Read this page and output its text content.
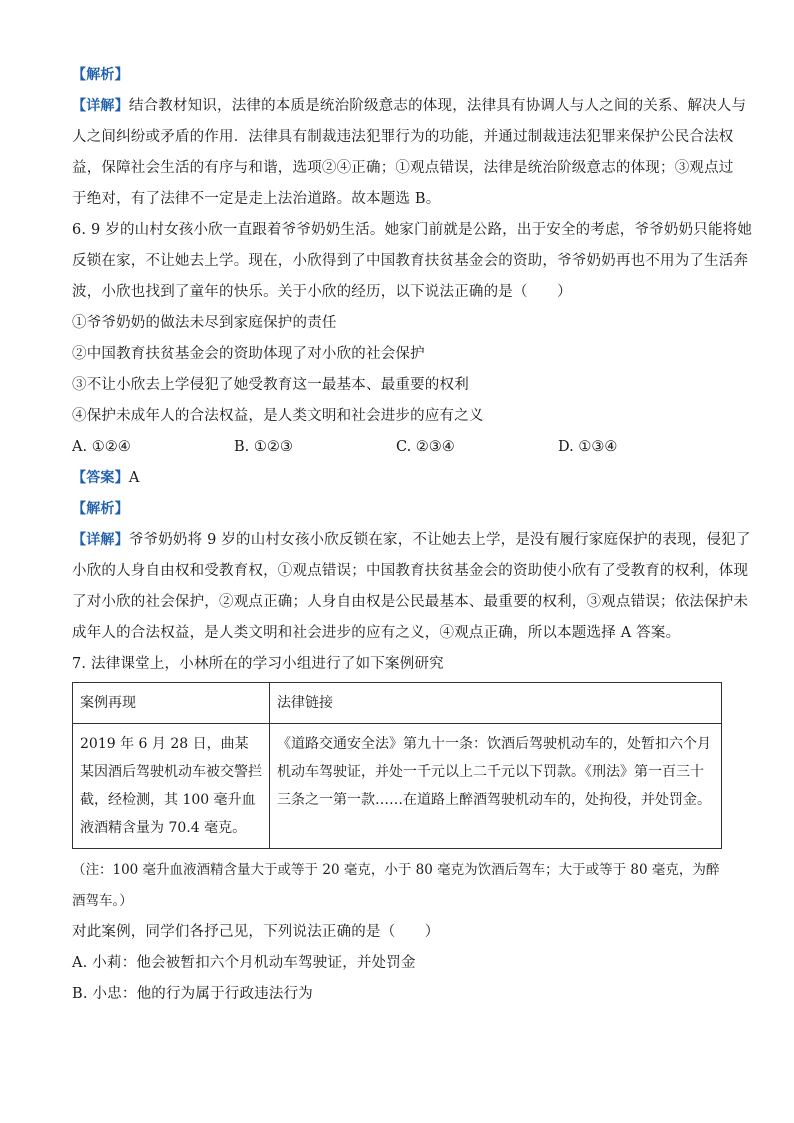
【解析】
【详解】结合教材知识，法律的本质是统治阶级意志的体现，法律具有协调人与人之间的关系、解决人与
人之间纠纷或矛盾的作用．法律具有制裁违法犯罪行为的功能，并通过制裁违法犯罪来保护公民合法权
益，保障社会生活的有序与和谐，选项②④正确；①观点错误，法律是统治阶级意志的体现；③观点过
于绝对，有了法律不一定是走上法治道路。故本题选 B。
6. 9 岁的山村女孩小欣一直跟着爷爷奶奶生活。她家门前就是公路，出于安全的考虑，爷爷奶奶只能将她
反锁在家，不让她去上学。现在，小欣得到了中国教育扶贫基金会的资助，爷爷奶奶再也不用为了生活奔
波，小欣也找到了童年的快乐。关于小欣的经历，以下说法正确的是（　　）
①爷爷奶奶的做法未尽到家庭保护的责任
②中国教育扶贫基金会的资助体现了对小欣的社会保护
③不让小欣去上学侵犯了她受教育这一最基本、最重要的权利
④保护未成年人的合法权益，是人类文明和社会进步的应有之义
A. ①②④	B. ①②③	C. ②③④	D. ①③④
【答案】A
【解析】
【详解】爷爷奶奶将 9 岁的山村女孩小欣反锁在家，不让她去上学，是没有履行家庭保护的表现，侵犯了
小欣的人身自由权和受教育权，①观点错误；中国教育扶贫基金会的资助使小欣有了受教育的权利，体现
了对小欣的社会保护，②观点正确；人身自由权是公民最基本、最重要的权利，③观点错误；依法保护未
成年人的合法权益，是人类文明和社会进步的应有之义，④观点正确，所以本题选择 A 答案。
7. 法律课堂上，小林所在的学习小组进行了如下案例研究
案例再现	法律链接
2019 年 6 月 28 日，曲某某因酒后驾驶机动车被交警拦截，经检测，其 100 毫升血液酒精含量为 70.4 毫克。	《道路交通安全法》第九十一条：饮酒后驾驶机动车的，处暂扣六个月机动车驾驶证，并处一千元以上二千元以下罚款。《刑法》第一百三十三条之一第一款……在道路上醉酒驾驶机动车的，处拘役，并处罚金。
（注：100 毫升血液酒精含量大于或等于 20 毫克，小于 80 毫克为饮酒后驾车；大于或等于 80 毫克，为醉酒驾车。）
对此案例，同学们各抒己见，下列说法正确的是（　　）
A. 小莉：他会被暂扣六个月机动车驾驶证，并处罚金
B. 小忠：他的行为属于行政违法行为
